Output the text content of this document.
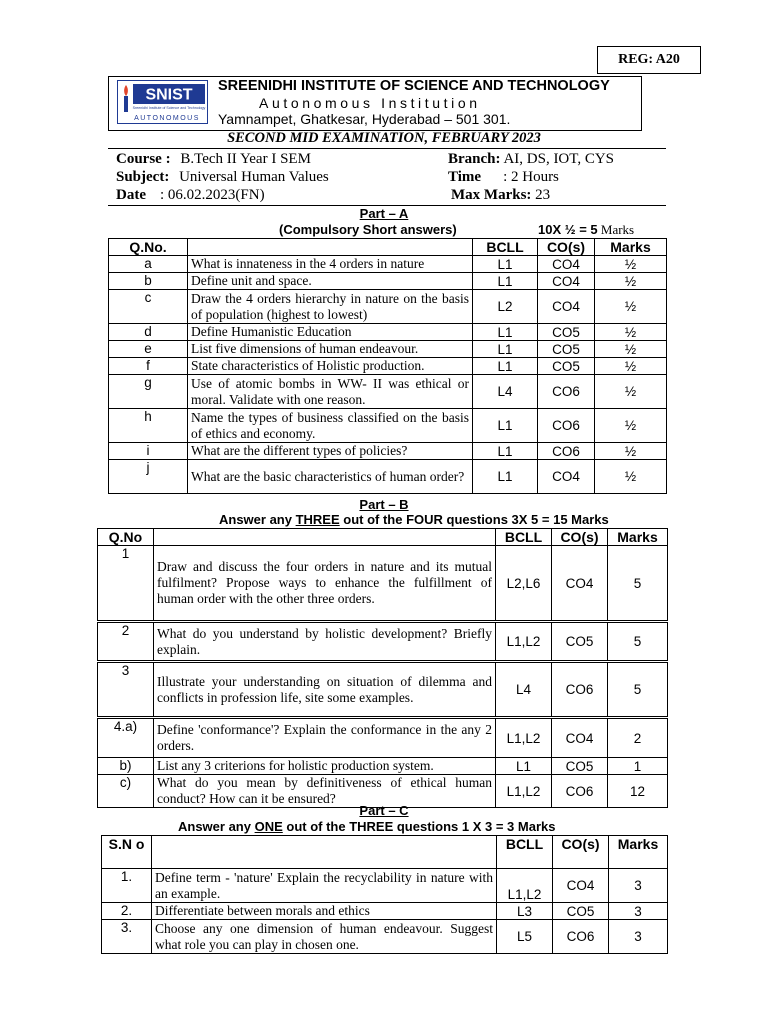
REG: A20
SNIST
Sreenidhi Institute of Science and Technology
AUTONOMOUS
SREENIDHI INSTITUTE OF SCIENCE AND TECHNOLOGY
Autonomous Institution
Yamnampet, Ghatkesar, Hyderabad – 501 301.
SECOND MID EXAMINATION, FEBRUARY 2023
Course : B.Tech II Year I SEM	Branch: AI, DS, IOT, CYS
Subject: Universal Human Values	Time : 2 Hours
Date : 06.02.2023(FN)	Max Marks: 23
Part – A
(Compulsory Short answers)	10X ½ = 5 Marks
Q.No.		BCLL	CO(s)	Marks
a	What is innateness in the 4 orders in nature	L1	CO4	½
b	Define unit and space.	L1	CO4	½
c	Draw the 4 orders hierarchy in nature on the basis of population (highest to lowest)	L2	CO4	½
d	Define Humanistic Education	L1	CO5	½
e	List five dimensions of human endeavour.	L1	CO5	½
f	State characteristics of Holistic production.	L1	CO5	½
g	Use of atomic bombs in WW- II was ethical or moral. Validate with one reason.	L4	CO6	½
h	Name the types of business classified on the basis of ethics and economy.	L1	CO6	½
i	What are the different types of policies?	L1	CO6	½
j	What are the basic characteristics of human order?	L1	CO4	½
Part – B
Answer any THREE out of the FOUR questions 3X 5 = 15 Marks
Q.No		BCLL	CO(s)	Marks
1	Draw and discuss the four orders in nature and its mutual fulfilment? Propose ways to enhance the fulfillment of human order with the other three orders.	L2,L6	CO4	5
2	What do you understand by holistic development? Briefly explain.	L1,L2	CO5	5
3	Illustrate your understanding on situation of dilemma and conflicts in profession life, site some examples.	L4	CO6	5
4.a)	Define 'conformance'? Explain the conformance in the any 2 orders.	L1,L2	CO4	2
b)	List any 3 criterions for holistic production system.	L1	CO5	1
c)	What do you mean by definitiveness of ethical human conduct? How can it be ensured?	L1,L2	CO6	12
Part – C
Answer any ONE out of the THREE questions 1 X 3 = 3 Marks
S.N o		BCLL	CO(s)	Marks
1.	Define term - 'nature' Explain the recyclability in nature with an example.	L1,L2	CO4	3
2.	Differentiate between morals and ethics	L3	CO5	3
3.	Choose any one dimension of human endeavour. Suggest what role you can play in chosen one.	L5	CO6	3
